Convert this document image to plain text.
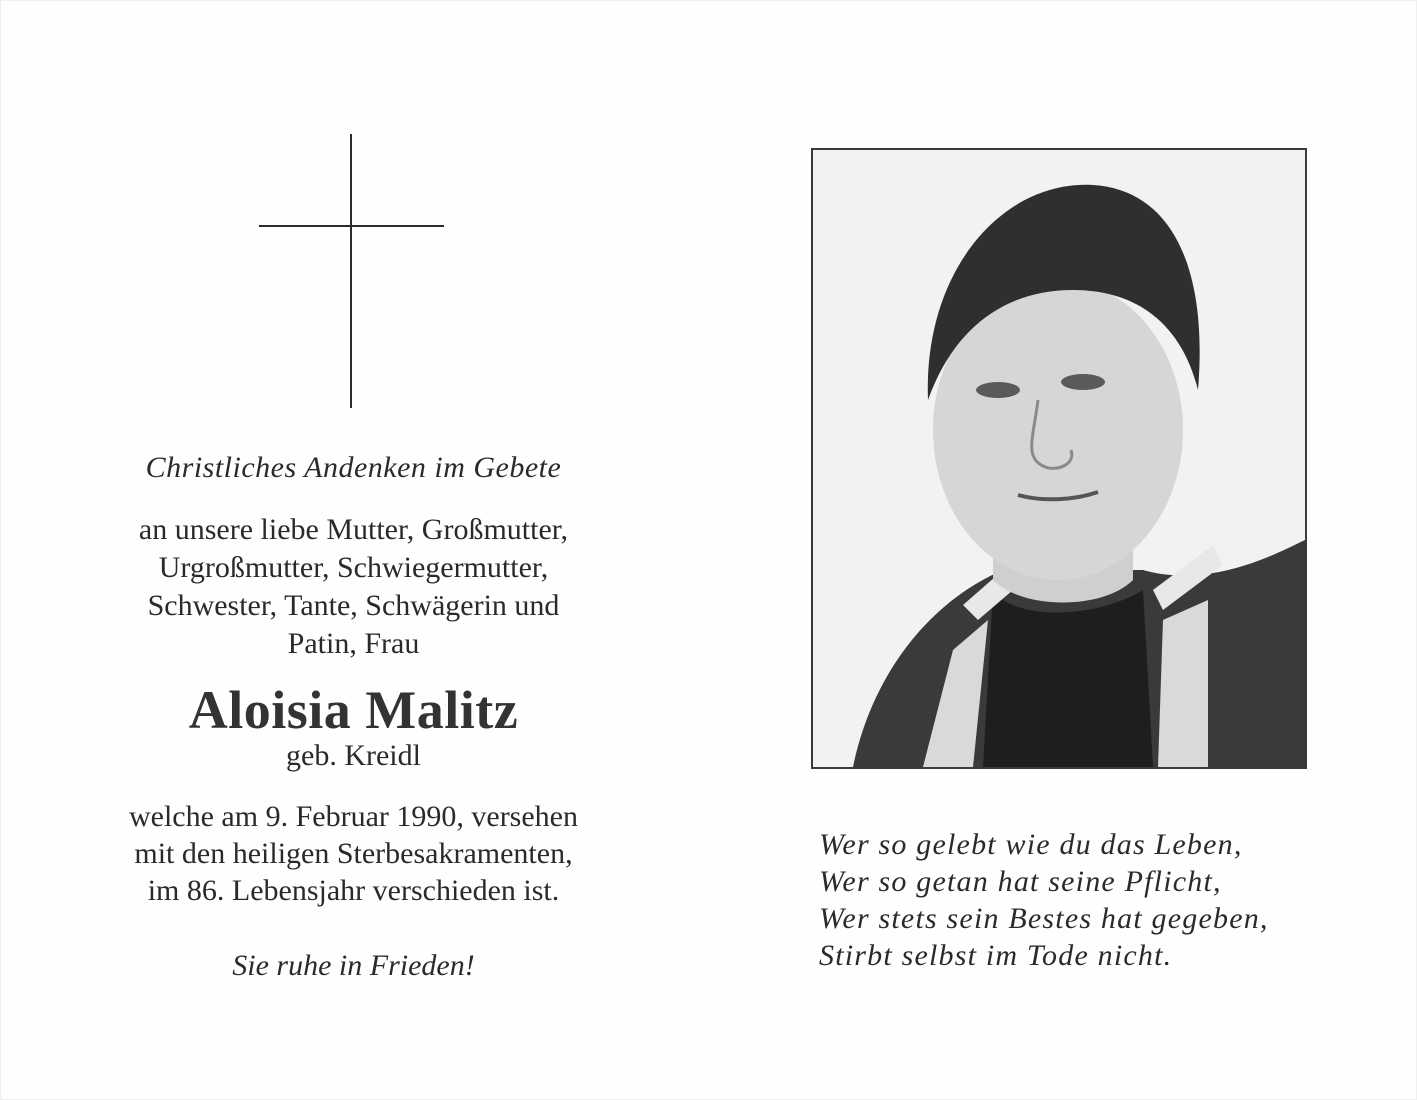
Christliches Andenken im Gebete
an unsere liebe Mutter, Großmutter,
Urgroßmutter, Schwiegermutter,
Schwester, Tante, Schwägerin und
Patin, Frau
Aloisia Malitz
geb. Kreidl
welche am 9. Februar 1990, versehen
mit den heiligen Sterbesakramenten,
im 86. Lebensjahr verschieden ist.
Sie ruhe in Frieden!
Wer so gelebt wie du das Leben,
Wer so getan hat seine Pflicht,
Wer stets sein Bestes hat gegeben,
Stirbt selbst im Tode nicht.
